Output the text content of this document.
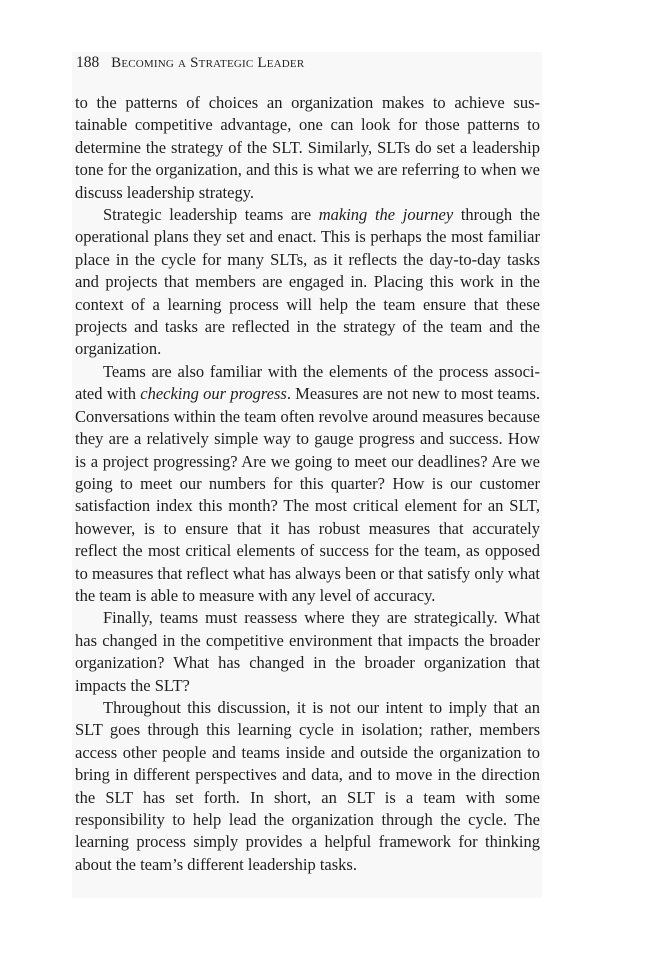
188 Becoming a Strategic Leader

to the patterns of choices an organization makes to achieve sustainable competitive advantage, one can look for those patterns to determine the strategy of the SLT. Similarly, SLTs do set a leadership tone for the organization, and this is what we are referring to when we discuss leadership strategy.

Strategic leadership teams are making the journey through the operational plans they set and enact. This is perhaps the most familiar place in the cycle for many SLTs, as it reflects the day-to-day tasks and projects that members are engaged in. Placing this work in the context of a learning process will help the team ensure that these projects and tasks are reflected in the strategy of the team and the organization.

Teams are also familiar with the elements of the process associated with checking our progress. Measures are not new to most teams. Conversations within the team often revolve around measures because they are a relatively simple way to gauge progress and success. How is a project progressing? Are we going to meet our deadlines? Are we going to meet our numbers for this quarter? How is our customer satisfaction index this month? The most critical element for an SLT, however, is to ensure that it has robust measures that accurately reflect the most critical elements of success for the team, as opposed to measures that reflect what has always been or that satisfy only what the team is able to measure with any level of accuracy.

Finally, teams must reassess where they are strategically. What has changed in the competitive environment that impacts the broader organization? What has changed in the broader organization that impacts the SLT?

Throughout this discussion, it is not our intent to imply that an SLT goes through this learning cycle in isolation; rather, members access other people and teams inside and outside the organization to bring in different perspectives and data, and to move in the direction the SLT has set forth. In short, an SLT is a team with some responsibility to help lead the organization through the cycle. The learning process simply provides a helpful framework for thinking about the team’s different leadership tasks.
